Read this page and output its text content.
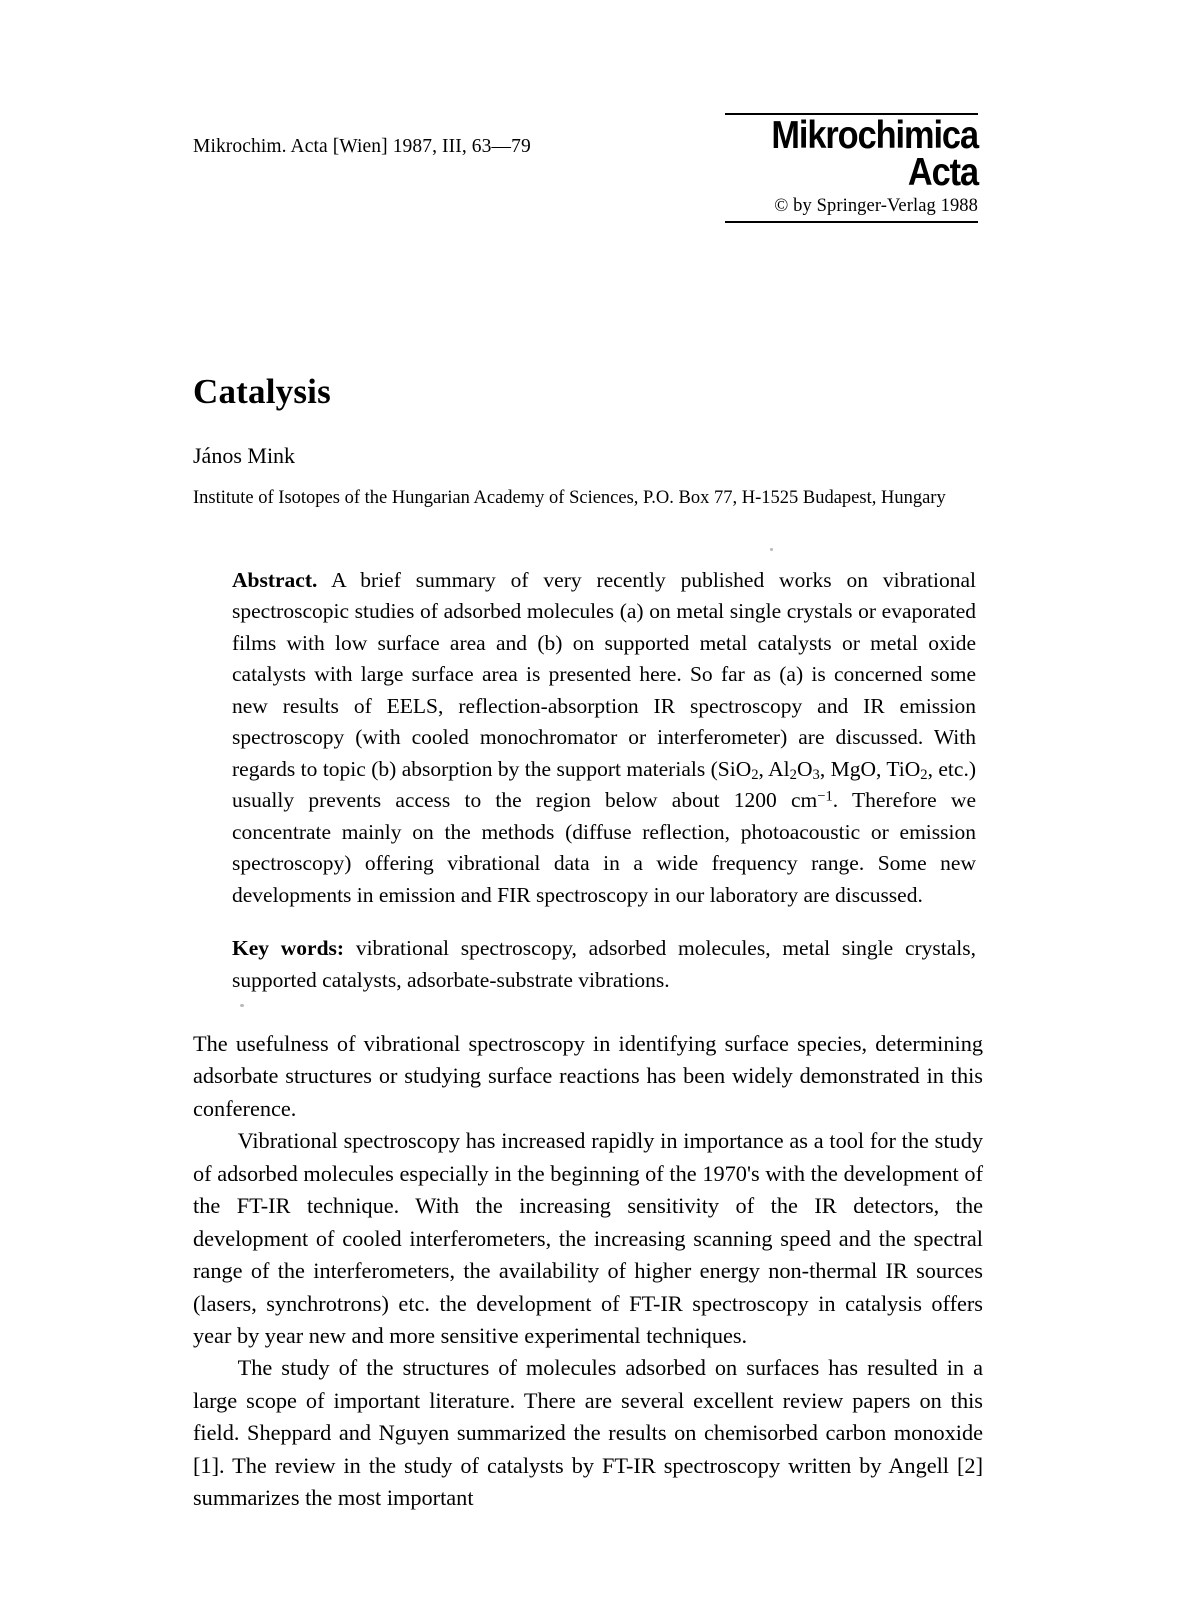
Mikrochim. Acta [Wien] 1987, III, 63—79	Mikrochimica
Acta
© by Springer-Verlag 1988
Catalysis
János Mink
Institute of Isotopes of the Hungarian Academy of Sciences, P.O. Box 77, H-1525 Budapest, Hungary

Abstract. A brief summary of very recently published works on vibrational spectroscopic studies of adsorbed molecules (a) on metal single crystals or evaporated films with low surface area and (b) on supported metal catalysts or metal oxide catalysts with large surface area is presented here. So far as (a) is concerned some new results of EELS, reflection-absorption IR spectroscopy and IR emission spectroscopy (with cooled monochromator or interferometer) are discussed. With regards to topic (b) absorption by the support materials (SiO$_2$, $Al_2O_3$, MgO, TiO$_2$, etc.) usually prevents access to the region below about 1200 $cm^{-1}$. Therefore we concentrate mainly on the methods (diffuse reflection, photoacoustic or emission spectroscopy) offering vibrational data in a wide frequency range. Some new developments in emission and FIR spectroscopy in our laboratory are discussed.

Key words: vibrational spectroscopy, adsorbed molecules, metal single crystals, supported catalysts, adsorbate-substrate vibrations.

The usefulness of vibrational spectroscopy in identifying surface species, determining adsorbate structures or studying surface reactions has been widely demonstrated in this conference.

Vibrational spectroscopy has increased rapidly in importance as a tool for the study of adsorbed molecules especially in the beginning of the 1970's with the development of the FT-IR technique. With the increasing sensitivity of the IR detectors, the development of cooled interferometers, the increasing scanning speed and the spectral range of the interferometers, the availability of higher energy non-thermal IR sources (lasers, synchrotrons) etc. the development of FT-IR spectroscopy in catalysis offers year by year new and more sensitive experimental techniques.

The study of the structures of molecules adsorbed on surfaces has resulted in a large scope of important literature. There are several excellent review papers on this field. Sheppard and Nguyen summarized the results on chemisorbed carbon monoxide [1]. The review in the study of catalysts by FT-IR spectroscopy written by Angell [2] summarizes the most important
